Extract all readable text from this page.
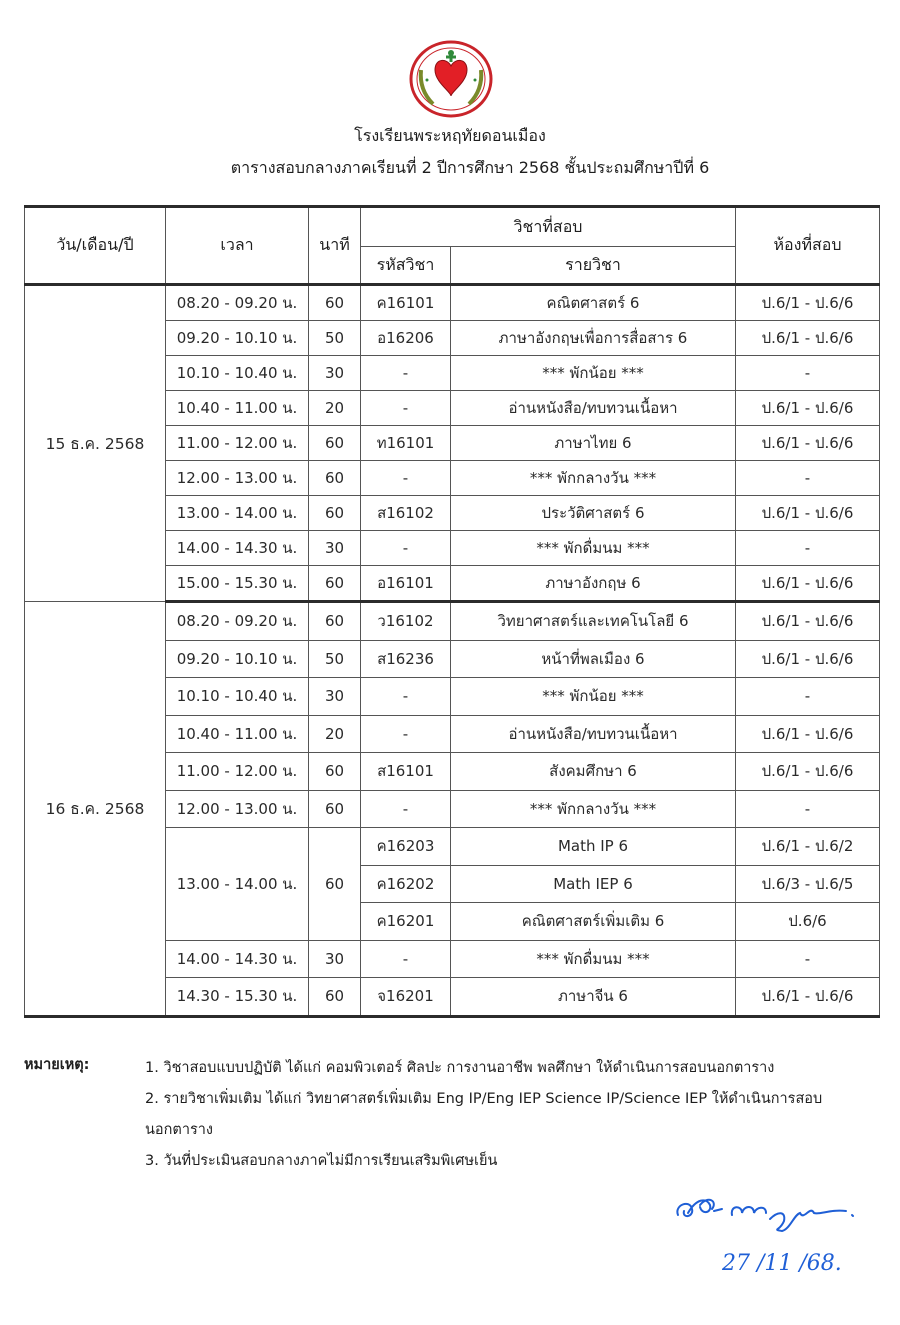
โรงเรียนพระหฤทัยดอนเมือง
ตารางสอบกลางภาคเรียนที่ 2 ปีการศึกษา 2568 ชั้นประถมศึกษาปีที่ 6
วัน/เดือน/ปี	เวลา	นาที	วิชาที่สอบ		ห้องที่สอบ
			รหัสวิชา	รายวิชา	
15 ธ.ค. 2568	08.20 - 09.20 น.	60	ค16101	คณิตศาสตร์ 6	ป.6/1 - ป.6/6
	09.20 - 10.10 น.	50	อ16206	ภาษาอังกฤษเพื่อการสื่อสาร 6	ป.6/1 - ป.6/6
	10.10 - 10.40 น.	30	-	*** พักน้อย ***	-
	10.40 - 11.00 น.	20	-	อ่านหนังสือ/ทบทวนเนื้อหา	ป.6/1 - ป.6/6
	11.00 - 12.00 น.	60	ท16101	ภาษาไทย 6	ป.6/1 - ป.6/6
	12.00 - 13.00 น.	60	-	*** พักกลางวัน ***	-
	13.00 - 14.00 น.	60	ส16102	ประวัติศาสตร์ 6	ป.6/1 - ป.6/6
	14.00 - 14.30 น.	30	-	*** พักดื่มนม ***	-
	15.00 - 15.30 น.	60	อ16101	ภาษาอังกฤษ 6	ป.6/1 - ป.6/6
16 ธ.ค. 2568	08.20 - 09.20 น.	60	ว16102	วิทยาศาสตร์และเทคโนโลยี 6	ป.6/1 - ป.6/6
	09.20 - 10.10 น.	50	ส16236	หน้าที่พลเมือง 6	ป.6/1 - ป.6/6
	10.10 - 10.40 น.	30	-	*** พักน้อย ***	-
	10.40 - 11.00 น.	20	-	อ่านหนังสือ/ทบทวนเนื้อหา	ป.6/1 - ป.6/6
	11.00 - 12.00 น.	60	ส16101	สังคมศึกษา 6	ป.6/1 - ป.6/6
	12.00 - 13.00 น.	60	-	*** พักกลางวัน ***	-
	13.00 - 14.00 น.	60	ค16203	Math IP 6	ป.6/1 - ป.6/2
			ค16202	Math IEP 6	ป.6/3 - ป.6/5
			ค16201	คณิตศาสตร์เพิ่มเติม 6	ป.6/6
	14.00 - 14.30 น.	30	-	*** พักดื่มนม ***	-
	14.30 - 15.30 น.	60	จ16201	ภาษาจีน 6	ป.6/1 - ป.6/6
หมายเหตุ:	1. วิชาสอบแบบปฏิบัติ ได้แก่ คอมพิวเตอร์ ศิลปะ การงานอาชีพ พลศึกษา ให้ดำเนินการสอบนอกตาราง
2. รายวิชาเพิ่มเติม ได้แก่ วิทยาศาสตร์เพิ่มเติม Eng IP/Eng IEP Science IP/Science IEP ให้ดำเนินการสอบ
นอกตาราง
3. วันที่ประเมินสอบกลางภาคไม่มีการเรียนเสริมพิเศษเย็น
27 /11 /68.
